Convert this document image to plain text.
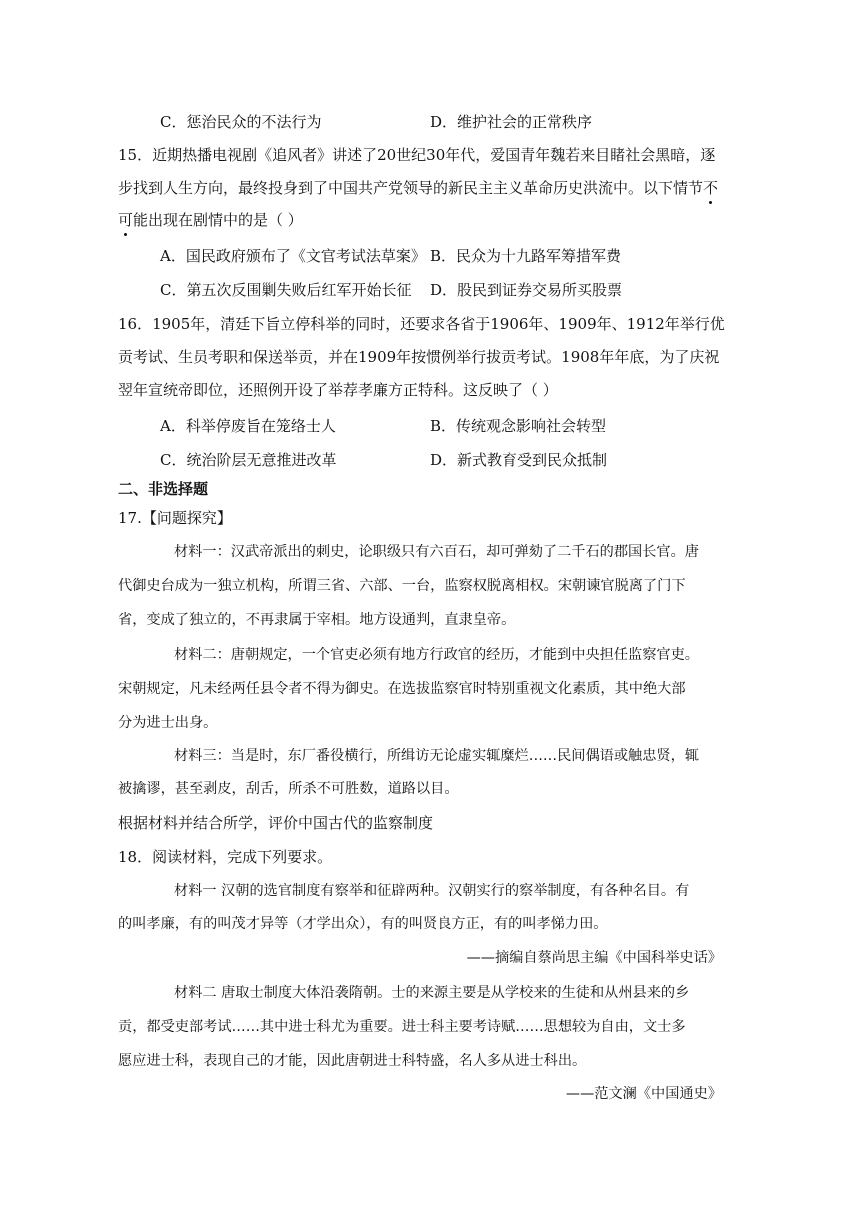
C．惩治民众的不法行为	D．维护社会的正常秩序
15．近期热播电视剧《追风者》讲述了20世纪30年代，爱国青年魏若来目睹社会黑暗，逐
步找到人生方向，最终投身到了中国共产党领导的新民主主义革命历史洪流中。以下情节不
可能出现在剧情中的是（ ）
A．国民政府颁布了《文官考试法草案》 B．民众为十九路军筹措军费
C．第五次反围剿失败后红军开始长征 D．股民到证券交易所买股票
16．1905年，清廷下旨立停科举的同时，还要求各省于1906年、1909年、1912年举行优
贡考试、生员考职和保送举贡，并在1909年按惯例举行拔贡考试。1908年年底，为了庆祝
翌年宣统帝即位，还照例开设了举荐孝廉方正特科。这反映了（ ）
A．科举停废旨在笼络士人	B．传统观念影响社会转型
C．统治阶层无意推进改革	D．新式教育受到民众抵制
二、非选择题
17.【问题探究】
材料一：汉武帝派出的刺史，论职级只有六百石，却可弹劾了二千石的郡国长官。唐
代御史台成为一独立机构，所谓三省、六部、一台，监察权脱离相权。宋朝谏官脱离了门下
省，变成了独立的，不再隶属于宰相。地方设通判，直隶皇帝。
材料二：唐朝规定，一个官吏必须有地方行政官的经历，才能到中央担任监察官吏。
宋朝规定，凡未经两任县令者不得为御史。在选拔监察官时特别重视文化素质，其中绝大部
分为进士出身。
材料三：当是时，东厂番役横行，所缉访无论虚实辄糜烂……民间偶语或触忠贤，辄
被擒谬，甚至剥皮，刮舌，所杀不可胜数，道路以目。
根据材料并结合所学，评价中国古代的监察制度
18．阅读材料，完成下列要求。
材料一 汉朝的选官制度有察举和征辟两种。汉朝实行的察举制度，有各种名目。有
的叫孝廉，有的叫茂才异等（才学出众），有的叫贤良方正，有的叫孝悌力田。
——摘编自蔡尚思主编《中国科举史话》
材料二 唐取士制度大体沿袭隋朝。士的来源主要是从学校来的生徒和从州县来的乡
贡，都受吏部考试……其中进士科尤为重要。进士科主要考诗赋……思想较为自由，文士多
愿应进士科，表现自己的才能，因此唐朝进士科特盛，名人多从进士科出。
——范文澜《中国通史》
